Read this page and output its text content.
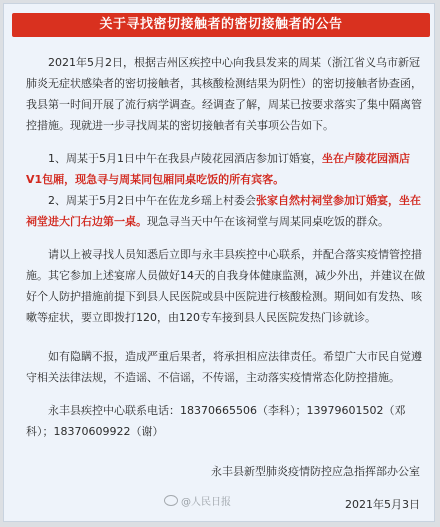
关于寻找密切接触者的密切接触者的公告

2021年5月2日，根据吉州区疾控中心向我县发来的周某（浙江省义乌市新冠肺炎无症状感染者的密切接触者，其核酸检测结果为阴性）的密切接触者协查函，我县第一时间开展了流行病学调查。经调查了解，周某已按要求落实了集中隔离管控措施。现就进一步寻找周某的密切接触者有关事项公告如下。

1、周某于5月1日中午在我县卢陵花园酒店参加订婚宴，坐在卢陵花园酒店V1包厢，现急寻与周某同包厢同桌吃饭的所有宾客。

2、周某于5月2日中午在佐龙乡瑶上村委会张家自然村祠堂参加订婚宴，坐在祠堂进大门右边第一桌。现急寻当天中午在该祠堂与周某同桌吃饭的群众。

请以上被寻找人员知悉后立即与永丰县疾控中心联系，并配合落实疫情管控措施。其它参加上述宴席人员做好14天的自我身体健康监测，减少外出，并建议在做好个人防护措施前提下到县人民医院或县中医院进行核酸检测。期间如有发热、咳嗽等症状，要立即拨打120，由120专车接到县人民医院发热门诊就诊。

如有隐瞒不报，造成严重后果者，将承担相应法律责任。希望广大市民自觉遵守相关法律法规，不造谣、不信谣，不传谣，主动落实疫情常态化防控措施。

永丰县疾控中心联系电话：18370665506（李科）；13979601502（邓科）；18370609922（谢）

永丰县新型肺炎疫情防控应急指挥部办公室
2021年5月3日
@人民日报
